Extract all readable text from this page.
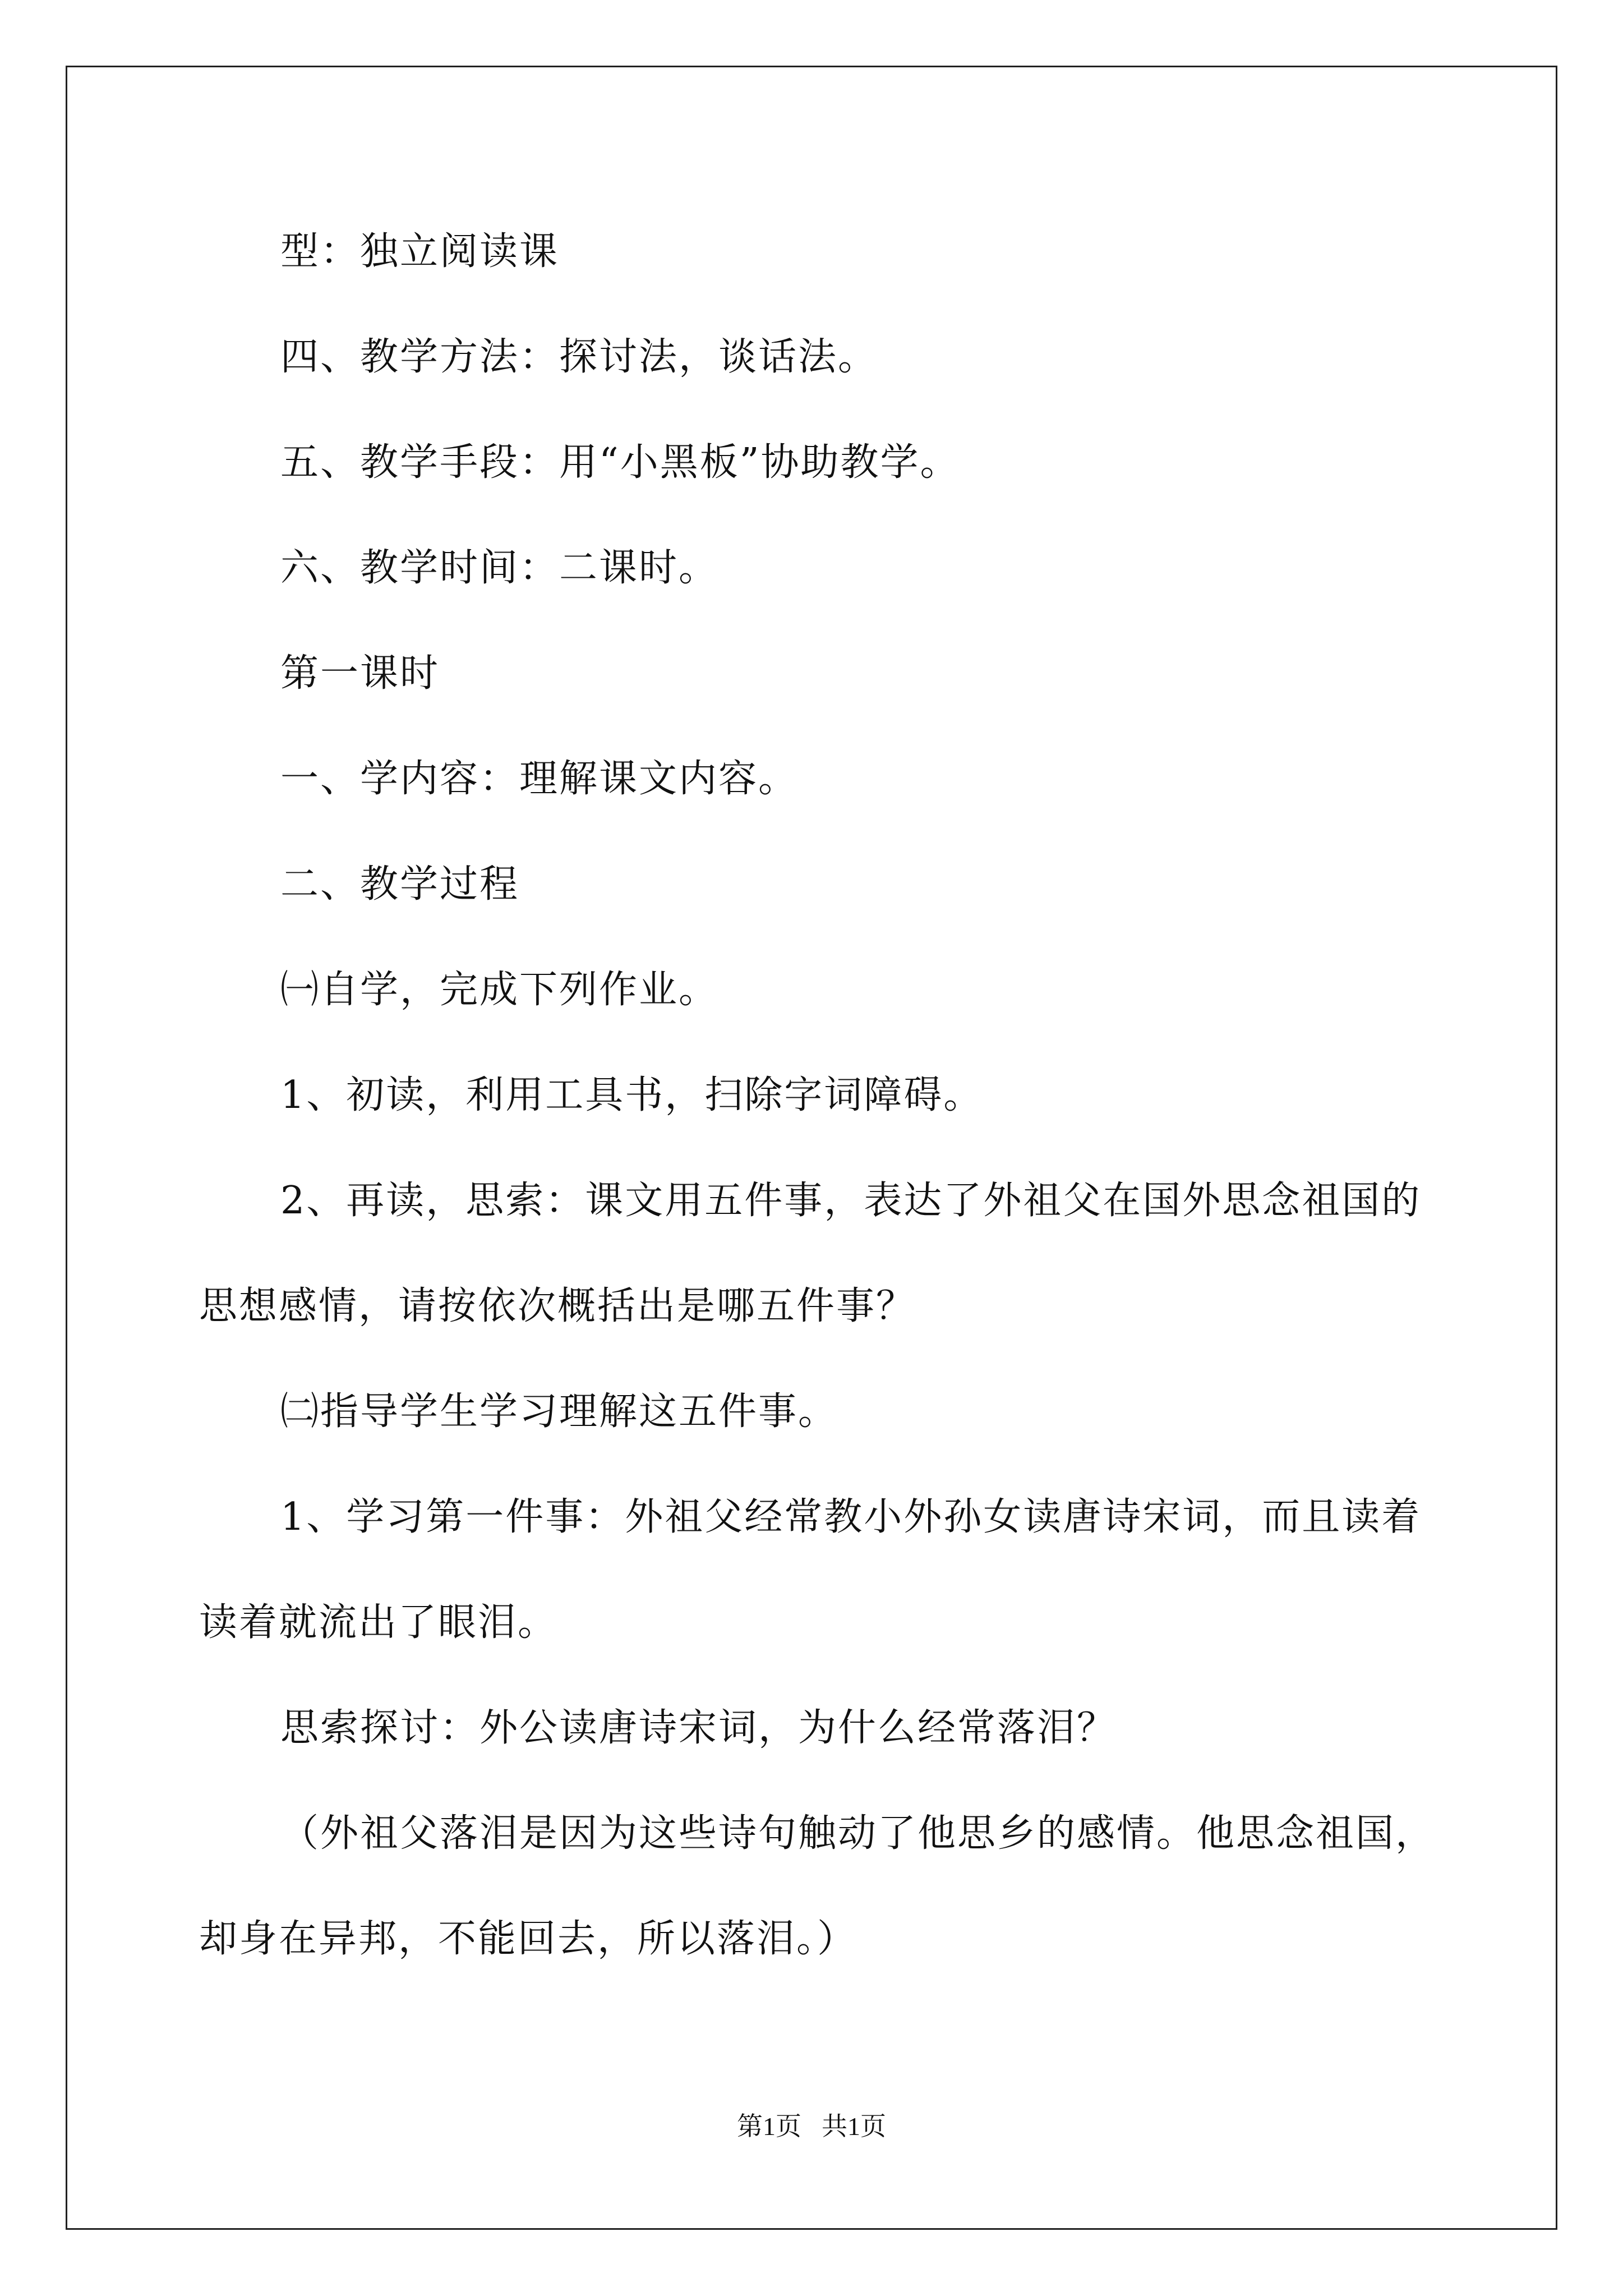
型：独立阅读课
四、教学方法：探讨法，谈话法。
五、教学手段：用“小黑板”协助教学。
六、教学时间：二课时。
第一课时
一、学内容：理解课文内容。
二、教学过程
㈠自学，完成下列作业。
1、初读，利用工具书，扫除字词障碍。
2、再读，思索：课文用五件事，表达了外祖父在国外思念祖国的
思想感情，请按依次概括出是哪五件事？
㈡指导学生学习理解这五件事。
1、学习第一件事：外祖父经常教小外孙女读唐诗宋词，而且读着
读着就流出了眼泪。
思索探讨：外公读唐诗宋词，为什么经常落泪？
（外祖父落泪是因为这些诗句触动了他思乡的感情。他思念祖国，
却身在异邦，不能回去，所以落泪。）
第1页 共1页
